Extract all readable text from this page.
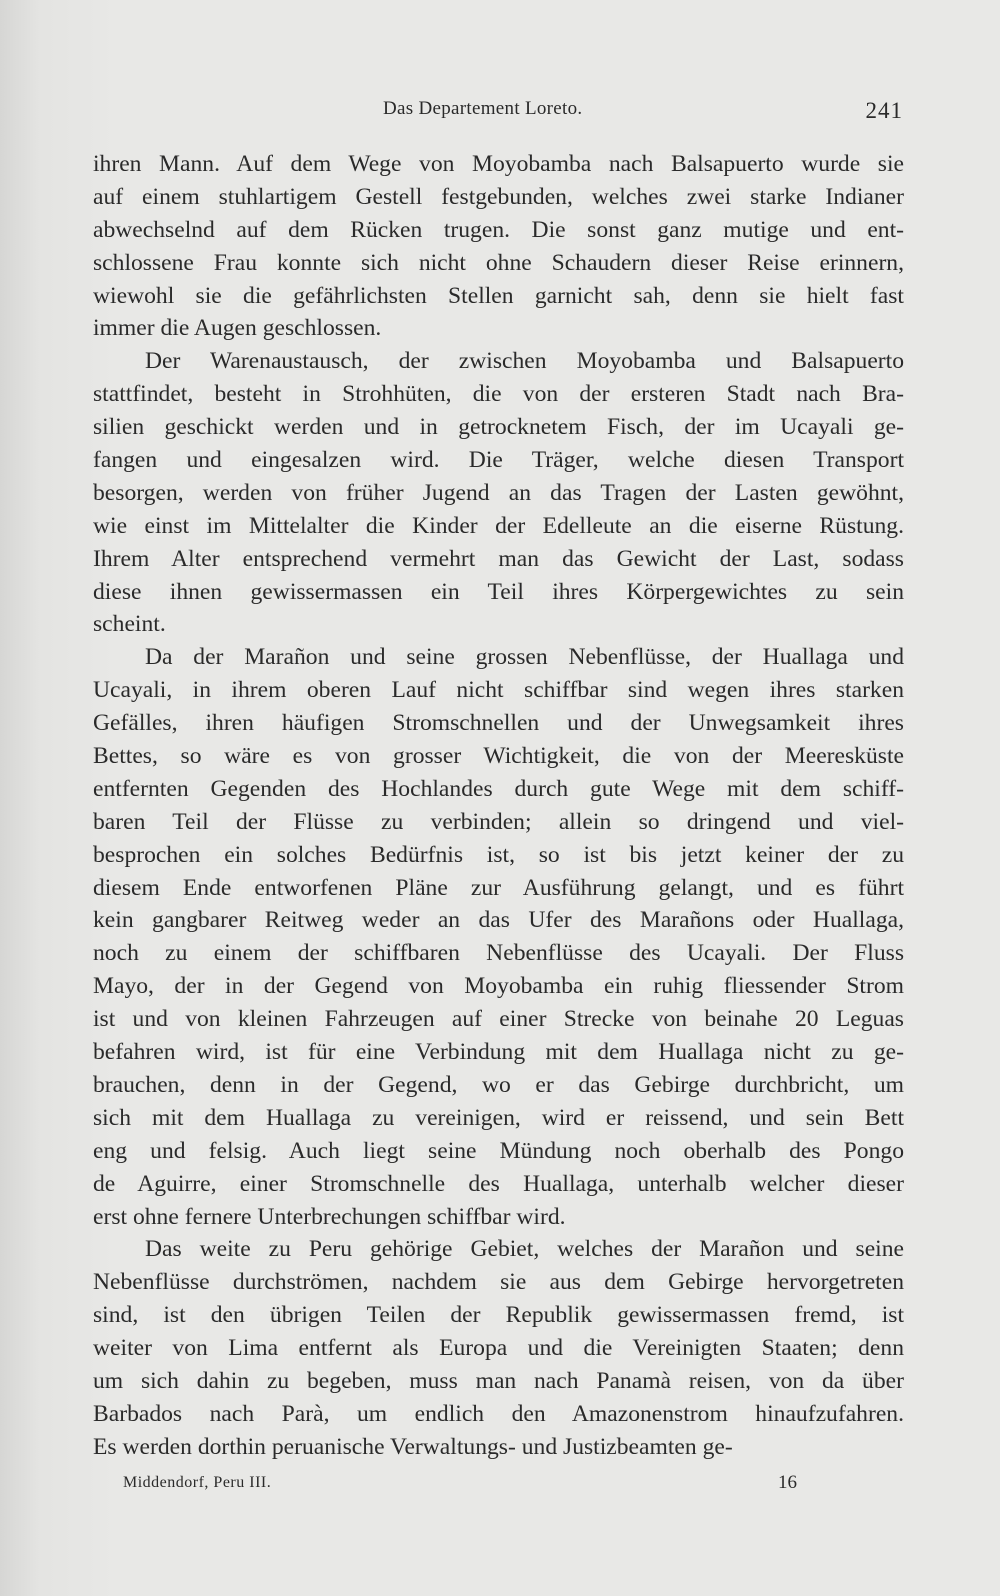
Das Departement Loreto.	241
ihren Mann. Auf dem Wege von Moyobamba nach Balsapuerto wurde sie
auf einem stuhlartigem Gestell festgebunden, welches zwei starke Indianer
abwechselnd auf dem Rücken trugen. Die sonst ganz mutige und ent-
schlossene Frau konnte sich nicht ohne Schaudern dieser Reise erinnern,
wiewohl sie die gefährlichsten Stellen garnicht sah, denn sie hielt fast
immer die Augen geschlossen.
Der Warenaustausch, der zwischen Moyobamba und Balsapuerto
stattfindet, besteht in Strohhüten, die von der ersteren Stadt nach Bra-
silien geschickt werden und in getrocknetem Fisch, der im Ucayali ge-
fangen und eingesalzen wird. Die Träger, welche diesen Transport
besorgen, werden von früher Jugend an das Tragen der Lasten gewöhnt,
wie einst im Mittelalter die Kinder der Edelleute an die eiserne Rüstung.
Ihrem Alter entsprechend vermehrt man das Gewicht der Last, sodass
diese ihnen gewissermassen ein Teil ihres Körpergewichtes zu sein
scheint.
Da der Marañon und seine grossen Nebenflüsse, der Huallaga und
Ucayali, in ihrem oberen Lauf nicht schiffbar sind wegen ihres starken
Gefälles, ihren häufigen Stromschnellen und der Unwegsamkeit ihres
Bettes, so wäre es von grosser Wichtigkeit, die von der Meeresküste
entfernten Gegenden des Hochlandes durch gute Wege mit dem schiff-
baren Teil der Flüsse zu verbinden; allein so dringend und viel-
besprochen ein solches Bedürfnis ist, so ist bis jetzt keiner der zu
diesem Ende entworfenen Pläne zur Ausführung gelangt, und es führt
kein gangbarer Reitweg weder an das Ufer des Marañons oder Huallaga,
noch zu einem der schiffbaren Nebenflüsse des Ucayali. Der Fluss
Mayo, der in der Gegend von Moyobamba ein ruhig fliessender Strom
ist und von kleinen Fahrzeugen auf einer Strecke von beinahe 20 Leguas
befahren wird, ist für eine Verbindung mit dem Huallaga nicht zu ge-
brauchen, denn in der Gegend, wo er das Gebirge durchbricht, um
sich mit dem Huallaga zu vereinigen, wird er reissend, und sein Bett
eng und felsig. Auch liegt seine Mündung noch oberhalb des Pongo
de Aguirre, einer Stromschnelle des Huallaga, unterhalb welcher dieser
erst ohne fernere Unterbrechungen schiffbar wird.
Das weite zu Peru gehörige Gebiet, welches der Marañon und seine
Nebenflüsse durchströmen, nachdem sie aus dem Gebirge hervorgetreten
sind, ist den übrigen Teilen der Republik gewissermassen fremd, ist
weiter von Lima entfernt als Europa und die Vereinigten Staaten; denn
um sich dahin zu begeben, muss man nach Panamà reisen, von da über
Barbados nach Parà, um endlich den Amazonenstrom hinaufzufahren.
Es werden dorthin peruanische Verwaltungs- und Justizbeamten ge-
Middendorf, Peru III.	16
